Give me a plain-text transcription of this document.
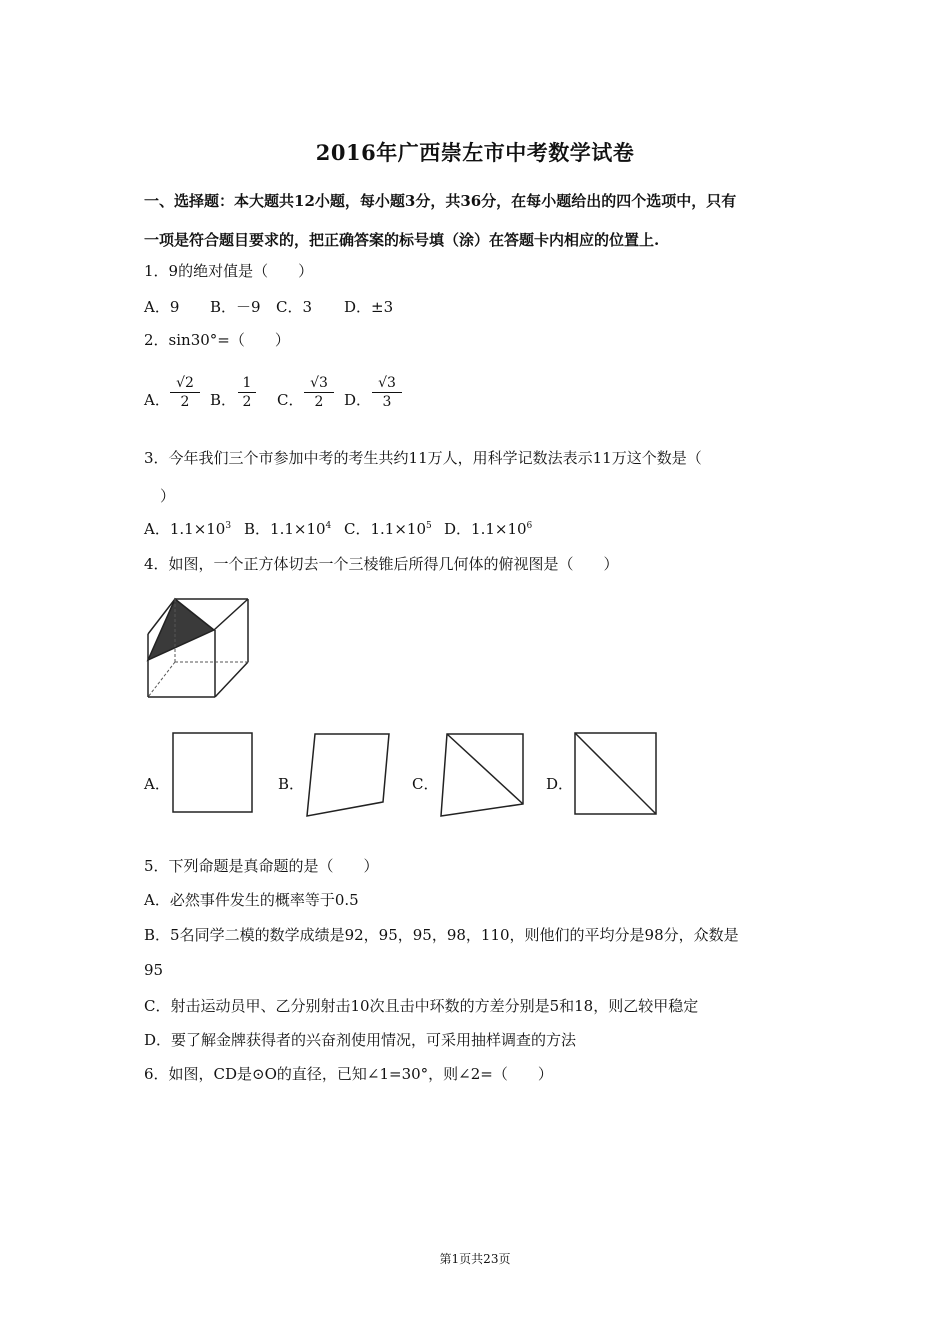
2016年广西崇左市中考数学试卷
一、选择题：本大题共12小题，每小题3分，共36分，在每小题给出的四个选项中，只有
一项是符合题目要求的，把正确答案的标号填（涂）在答题卡内相应的位置上.
1．9的绝对值是（　　）
A．9 B．－9 C．3 D．±3
2．sin30°=（　　）
A．
√2
2	B．
1
2	C．
√3
2	D．
√3
3
3．今年我们三个市参加中考的考生共约11万人，用科学记数法表示11万这个数是（
）
A．$1.1\times 10^3$ B．$1.1\times 10^4$ C．$1.1\times 10^5$ D．$1.1\times 10^6$
4．如图，一个正方体切去一个三棱锥后所得几何体的俯视图是（　　）
A．	B．	C．	D．
5．下列命题是真命题的是（　　）
A．必然事件发生的概率等于0.5
B．5名同学二模的数学成绩是92，95，95，98，110，则他们的平均分是98分，众数是
95
C．射击运动员甲、乙分别射击10次且击中环数的方差分别是5和18，则乙较甲稳定
D．要了解金牌获得者的兴奋剂使用情况，可采用抽样调查的方法
6．如图，CD是⊙O的直径，已知∠1=30°，则∠2=（　　）
第1页共23页
